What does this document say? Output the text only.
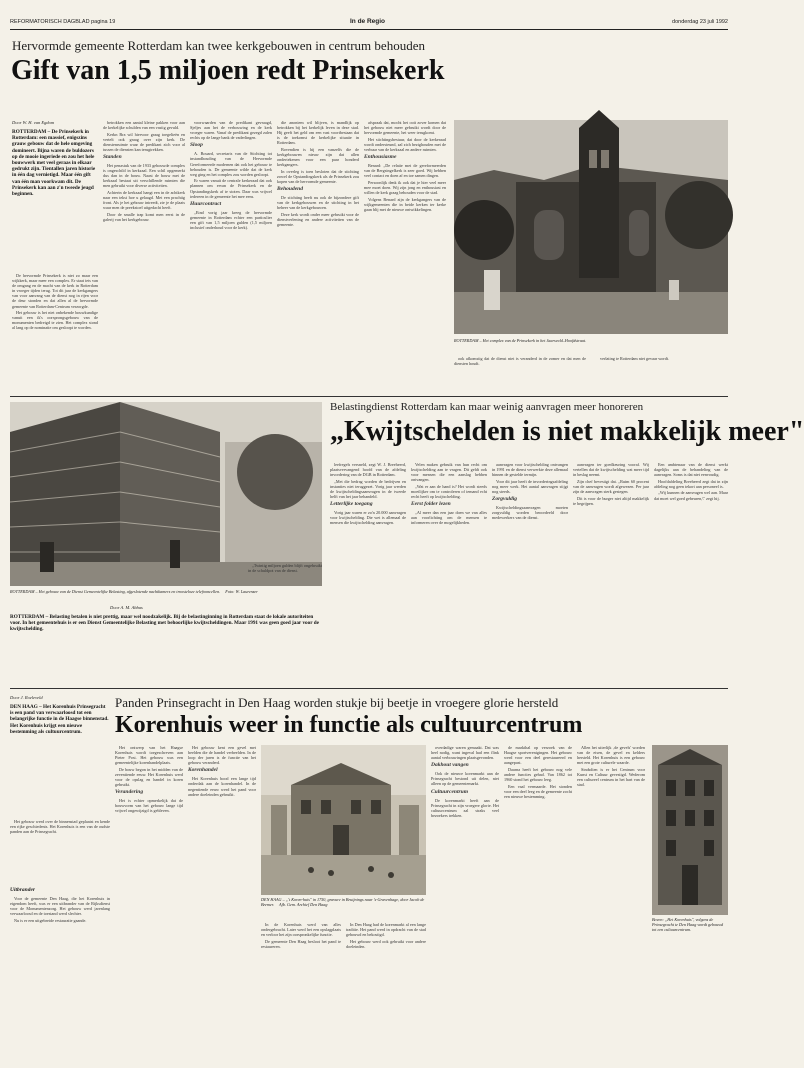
REFORMATORISCH DAGBLAD pagina 19	In de Regio	donderdag 23 juli 1992
Hervormde gemeente Rotterdam kan twee kerkgebouwen in centrum behouden
Gift van 1,5 miljoen redt Prinsekerk
Door W. H. van Egdom
ROTTERDAM – De Prinsekerk in Rotterdam: een massief, enigszins grauw gebouw dat de hele omgeving domineert. Bijna waren de buldozers op de mooie ingeriede en zou het hele bouwwerk met veel geraas in elkaar gedrukt zijn. Tientallen jaren historie in één dag vernietigd. Maar één gift van één man voorkwam dit. De Prinsekerk kan aan z'n tweede jeugd beginnen.

De hervormde Prinsekerk is niet zo maar een wijkkerk, maar meer een complex. Er staat iets van de omgang en de macht van de kerk in Rotterdam in vroeger tijden terug. Tot dit jaar de kerkgangers van voor aanvang van de dienst nog in rijen voor de deur stonden en dat allen al de hervormde gemeente van Rotterdam-Centrum verzorgde.

Het gebouw is het niet onbekende bouwkundige vanuit een ik's oorsprongsgebouw van de monumenten bedreigd te zien. Het complex stond al lang op de nominatie om gesloopt te worden.

betrokken een aantal kleine pakken voor aan de kerkelijke schulden van een vastig gevuld.

Kerkn Bra wil hiervoor graag toegelieën en vertelt ook graag over zijn kerk. De dienstenruimte waar de predikant zich voor al tussen de diensten kan terugtrekken.

Standen

Het penastuk van de 1933 gebouwde complex is ongeschild in kerkzaal. Een schil opgemerkt dus dan in de bouw. Naast de bouw met de kerkzaal bestaat uit verschillende ruimten die men gebruikt voor diverse activiteiten.

Achterin de kerkzaal hangt een in de achtkerk naar een tekst hoe u gelaagd. Met een prachtig front. Als je het gebouw intreedt, zie je de plaats waar men de preekstoel uitgedacht heeft.

Door de smalle trap komt men eerst in de galerij van het kerkgebouw.

voorwaarden van de predikant gevraagd, Sjeljes aan het de verbouwing en de kerk vroeger waren. Vanaf de predikant gezegd zalen rechts op de lange bank de vaderlingen.

Sloop

A. Bouard, secretaris van de Stichting tot instandhouding van de Hervormde Gereformeerde modernen dat ook het gebouw te behouden is. De gemeente wilde dat de kerk weg ging en het complex zou worden gesloopt.

Er waren vanuit de centrale kerkeraad dat ook plannen om ervan de Prinsekerk en de Opstandingskerk af te stoten. Daar was vrijwel iedereen in de gemeente het mee eens.

Huurcontract

„Eind vorig jaar kreeg de hervormde gemeente in Rotterdam echter een particulier een gift van 1,5 miljoen gulden (1,5 miljoen inclusief onderhoud voor de kerk).

die anoniem wil blijven, is mandlijk op betrokken bij het kerkelijk leven in deze stad. Hij geeft het geld om een vast voortbestaan dat is de toekomst de kerkelijke situatie in Rotterdam.

Bovendien is hij een vanzelfs die de kerkgebouwen nieuw zijn dat allen ondertekenen voor een paar honderd kerkgangers.

In overleg is toen besloten dat de stichting zowel de Opstandingskerk als de Prinsekerk zou kopen van de hervormde gemeente.

Behoudend

De stichting heeft nu ook de bijzondere gift van de kerkgebouwen en de stichting in het beheer van de kerkgebouwen.

Deze kerk wordt onder meer gebruikt voor de dienstverlening en andere activiteiten van de gemeente.

afspraak dat, mocht het ooit zover komen dat het gebouw niet meer gebruikt wordt door de hervormde gemeente, het weer terugkomt.

Het stichtingsbestuur, dat door de kerkeraad wordt ondersteund, zal zich bezighouden met de verhuur van de kerkzaal en andere ruimten.

Enthousiasme

Benard: „De relatie met de gereformeerden van de Bergsingelkerk is zeer goed. Wij hebben veel contact en doen af en toe samen dingen.

Persoonlijk denk ik ook dat je hier veel meer mee moet doen. Wij zijn jong en enthousiast en willen de kerk graag behouden voor de stad.

Volgens Benard zijn de kerkgangers van de wijkgemeenten die in beide kerken ter kerke gaan blij met de nieuwe ontwikkelingen.

ROTTERDAM – Het complex van de Prinsekerk in het Jaarsveld–Hoofdstraat.

ook afkomstig dat de dienst niet is veranderd in de zomer en dat men de diensten houdt.

verlating te Rotterdam niet gevaar wordt.

Belastingdienst Rotterdam kan maar weinig aanvragen meer honoreren
„Kwijtschelden is niet makkelijk meer"
ROTTERDAM – Het gebouw van de Dienst Gemeentelijke Belasting, afgeslotende nachtkamers en troosteloze telefooncellen. Foto: W. Laurenzer
Door A. M. Abbas
ROTTERDAM – Belasting betalen is niet prettig, maar wel noodzakelijk. Bij de belastinginning in Rotterdam staat de lokale autoriteiten voor. In het gemeentehuis is er een Dienst Gemeentelijke Belasting met behoorlijke kwijtscheldingen. Maar 1991 was geen goed jaar voor de kwijtschelding.

„Twintig miljoen gulden blijft ongebruikt in de schuldpot van de dienst.

leefregels versneld, zegt W. J. Breeheerd, plaatsvervangend hoofd van de afdeling invordering van de DGB in Rotterdam.

„Met die bedrag worden de bedrijven en instanties niet teruggezet. Vorig jaar werden de kwijtscheldingsaanvragen in de tweede helft van het jaar behandeld.

Letterlijke toegang

Vorig jaar waren er zo'n 20.000 aanvragen voor kwijtschelding. Die wet is allemaal de mensen die kwijtschelding aanvragen.

Velen maken gebruik van hun recht om kwijtschelding aan te vragen. Dit geldt ook voor mensen die een aanslag hebben ontvangen.

„Wat er aan de hand is? Het wordt steeds moeilijker om te controleren of iemand echt recht heeft op kwijtschelding.

Eerst folder lezen

„Al meer dan een jaar doen we van alles aan voorlichting om de mensen te informeren over de mogelijkheden.

aanvragen voor kwijtschelding ontvangen in 1991 en de dienst verwerkte deze allemaal binnen de gestelde termijn.

Voor dit jaar heeft de invorderingsafdeling nog meer werk. Het aantal aanvragen stijgt nog steeds.

Zorgvuldig

Kwijtscheldingsaanvragen moeten zorgvuldig worden beoordeeld door medewerkers van de dienst.

aanvragen ter goedkeuring vooraf. Wij vertellen dat de kwijtschelding wat meer tijd in beslag neemt.

Zijn chef bevestigt dat. „Ruim 60 procent van de aanvragen wordt afgewezen. Per jaar zijn de aanvragen sterk gestegen.

Dit is voor de burger niet altijd makkelijk te begrijpen.

Een ambtenaar van de dienst werkt dagelijks aan de behandeling van de aanvragen. Soms is dat niet eenvoudig.

Hoofdafdeling Breeheerd zegt dat in zijn afdeling nog geen tekort aan personeel is.

„Wij kunnen de aanvragen wel aan. Maar dat moet wel goed gebeuren,\" zegt hij.

Panden Prinsegracht in Den Haag worden stukje bij beetje in vroegere glorie hersteld
Korenhuis weer in functie als cultuurcentrum
Door J. Roeleveld
DEN HAAG – Het Korenhuis Prinsegracht is een pand van verwaarloosd tot een belangrijke functie in de Haagse binnenstad. Het Korenhuis krijgt een nieuwe bestemming als cultuurcentrum.

Het gebouw werd over de binnenstad geplaatst en kende een rijke geschiedenis. Het Korenhuis is een van de oudste panden aan de Prinsegracht.

Uitbrander

Voor de gemeente Den Haag, die het Korenhuis in eigendom heeft, was er een uitbrander van de Rijksdienst voor de Monumentenzorg. Het gebouw werd jarenlang verwaarloosd en de toestand werd slechter.

Nu is er een uitgebreide restauratie gaande.

Het ontwerp van het Haagse Korenhuis wordt toegeschreven aan Pieter Post. Het gebouw was een gemeentelijke korenhandelplaats.

De bouw begon in het midden van de zeventiende eeuw. Het Korenhuis werd voor de opslag en handel in koren gebruikt.

Verandering

Het is echter opmerkelijk dat de bouwvorm van het gebouw lange tijd vrijwel ongewijzigd is gebleven.

Het gebouw kent een gevel met beelden die de handel verbeelden. In de loop der jaren is de functie van het gebouw veranderd.

Korenhandel

Het Korenhuis bood een lange tijd onderdak aan de korenhandel. In de negentiende eeuw werd het pand voor andere doeleinden gebruikt.

DEN HAAG – „'t Koren-huis" in 1750, gravure in Bruijnings naar 's-Gravenhage, door Jacob de Bremer. Afb. Gem. Archief Den Haag

In de Korenhuis werd van alles ondergebracht. Later werd het een opslagplaats en verloor het zijn oorspronkelijke functie.

De gemeente Den Haag besloot het pand te restaureren.

In Den Haag had de korenmarkt al een lange traditie. Het pand werd in opdracht van de stad gebouwd en bekostigd.

Het gebouw werd ook gebruikt voor andere doeleinden.

overdadige waren gemaakt. Dat was heel nodig, want ingeval had een flink aantal verbouwingen plaatsgevonden.

Dakhout vangen

Ook de nieuwe korenmarkt aan de Prinsegracht bestond uit delen, niet alleen op de gemeentemarkt.

Cultuurcentrum

De korenmarkt heeft aan de Prinsegracht in zijn vroegere glorie. Het cultuurcentrum zal straks veel bezoekers trekken.

de markthal op verzoek van de Haagse sportverenigingen. Het gebouw werd voor een deel gerestaureerd en aangepast.

Daarna heeft het gebouw nog vele andere functies gehad. Van 1862 tot 1960 stond het gebouw leeg.

Een vaal vermaarde. Het stonden voor een deel leeg en de gemeente zocht een nieuwe bestemming.

Allen het uiterlijk ‚de gevels' worden van de eisen, de gevel en kelders hersteld. Het Korenhuis is een gebouw met een grote culturele waarde.

Sindsdien is er het Centrum voor Kunst en Cultuur gevestigd. Wederom een cultureel centrum in het hart van de stad.

Boven: „Het Korenhuis", volgens de Prinsegracht te Den Haag wordt gebouwd tot een cultuurcentrum.
